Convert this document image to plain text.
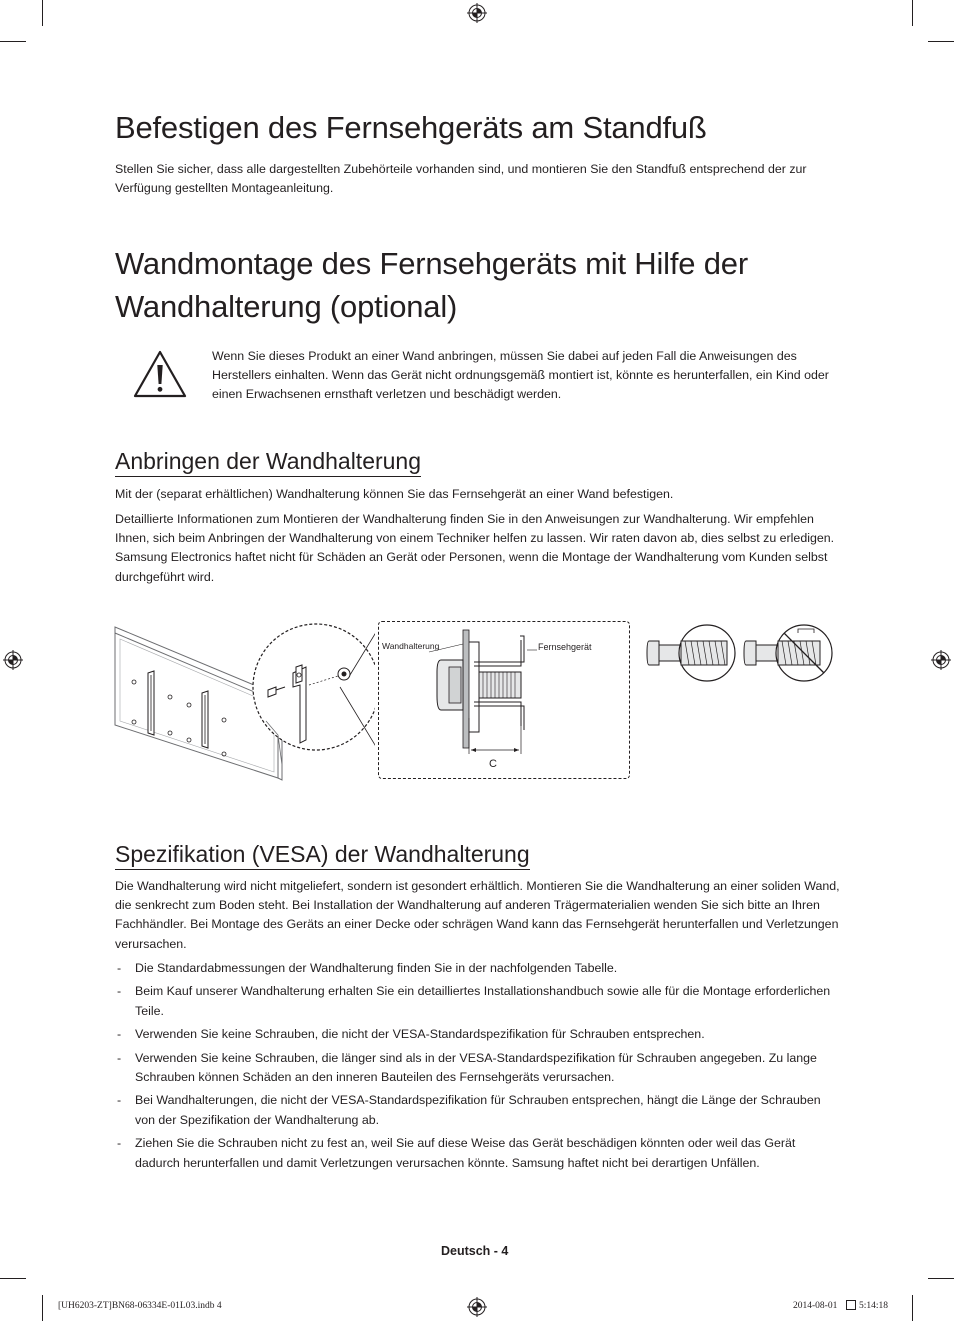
Befestigen des Fernsehgeräts am Standfuß

Stellen Sie sicher, dass alle dargestellten Zubehörteile vorhanden sind, und montieren Sie den Standfuß entsprechend der zur Verfügung gestellten Montageanleitung.

Wandmontage des Fernsehgeräts mit Hilfe der
Wandhalterung (optional)

Wenn Sie dieses Produkt an einer Wand anbringen, müssen Sie dabei auf jeden Fall die Anweisungen des Herstellers einhalten. Wenn das Gerät nicht ordnungsgemäß montiert ist, könnte es herunterfallen, ein Kind oder einen Erwachsenen ernsthaft verletzen und beschädigt werden.

Anbringen der Wandhalterung

Mit der (separat erhältlichen) Wandhalterung können Sie das Fernsehgerät an einer Wand befestigen.

Detaillierte Informationen zum Montieren der Wandhalterung finden Sie in den Anweisungen zur Wandhalterung. Wir empfehlen Ihnen, sich beim Anbringen der Wandhalterung von einem Techniker helfen zu lassen. Wir raten davon ab, dies selbst zu erledigen. Samsung Electronics haftet nicht für Schäden an Gerät oder Personen, wenn die Montage der Wandhalterung vom Kunden selbst durchgeführt wird.

Wandhalterung	Fernsehgerät
C
Spezifikation (VESA) der Wandhalterung

Die Wandhalterung wird nicht mitgeliefert, sondern ist gesondert erhältlich. Montieren Sie die Wandhalterung an einer soliden Wand, die senkrecht zum Boden steht. Bei Installation der Wandhalterung auf anderen Trägermaterialien wenden Sie sich bitte an Ihren Fachhändler. Bei Montage des Geräts an einer Decke oder schrägen Wand kann das Fernsehgerät herunterfallen und Verletzungen verursachen.

- Die Standardabmessungen der Wandhalterung finden Sie in der nachfolgenden Tabelle.
- Beim Kauf unserer Wandhalterung erhalten Sie ein detailliertes Installationshandbuch sowie alle für die Montage erforderlichen Teile.
- Verwenden Sie keine Schrauben, die nicht der VESA-Standardspezifikation für Schrauben entsprechen.
- Verwenden Sie keine Schrauben, die länger sind als in der VESA-Standardspezifikation für Schrauben angegeben. Zu lange Schrauben können Schäden an den inneren Bauteilen des Fernsehgeräts verursachen.
- Bei Wandhalterungen, die nicht der VESA-Standardspezifikation für Schrauben entsprechen, hängt die Länge der Schrauben von der Spezifikation der Wandhalterung ab.
- Ziehen Sie die Schrauben nicht zu fest an, weil Sie auf diese Weise das Gerät beschädigen könnten oder weil das Gerät dadurch herunterfallen und damit Verletzungen verursachen könnte. Samsung haftet nicht bei derartigen Unfällen.
Deutsch - 4
[UH6203-ZT]BN68-06334E-01L03.indb 4	2014-08-01 5:14:18
